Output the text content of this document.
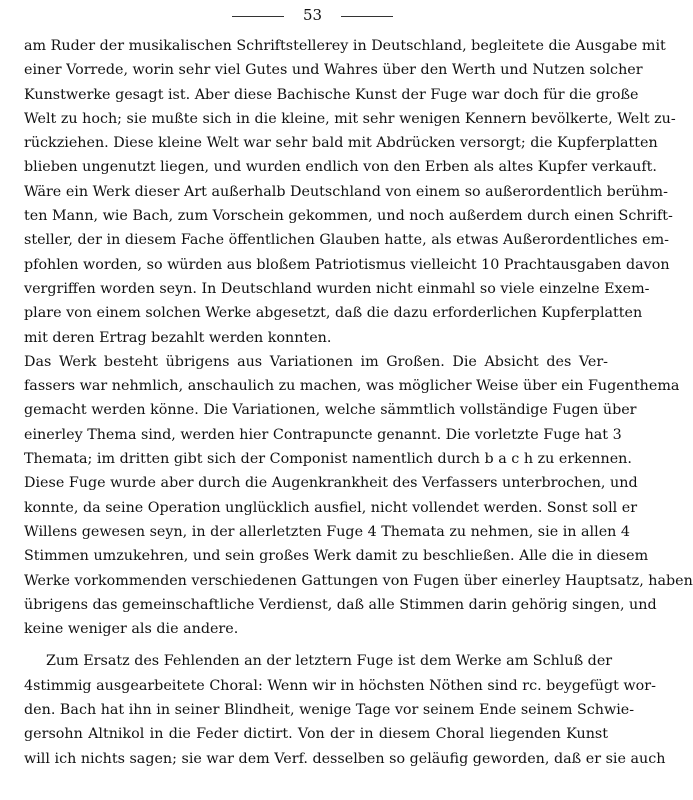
53
am Ruder der musikalischen Schriftstellerey in Deutschland, begleitete die Ausgabe mit
einer Vorrede, worin sehr viel Gutes und Wahres über den Werth und Nutzen solcher
Kunstwerke gesagt ist. Aber diese Bachische Kunst der Fuge war doch für die große
Welt zu hoch; sie mußte sich in die kleine, mit sehr wenigen Kennern bevölkerte, Welt zu-
rückziehen. Diese kleine Welt war sehr bald mit Abdrücken versorgt; die Kupferplatten
blieben ungenutzt liegen, und wurden endlich von den Erben als altes Kupfer verkauft.
Wäre ein Werk dieser Art außerhalb Deutschland von einem so außerordentlich berühm-
ten Mann, wie Bach, zum Vorschein gekommen, und noch außerdem durch einen Schrift-
steller, der in diesem Fache öffentlichen Glauben hatte, als etwas Außerordentliches em-
pfohlen worden, so würden aus bloßem Patriotismus vielleicht 10 Prachtausgaben davon
vergriffen worden seyn. In Deutschland wurden nicht einmahl so viele einzelne Exem-
plare von einem solchen Werke abgesetzt, daß die dazu erforderlichen Kupferplatten
mit deren Ertrag bezahlt werden konnten.
Das Werk besteht übrigens aus Variationen im Großen. Die Absicht des Ver-
fassers war nehmlich, anschaulich zu machen, was möglicher Weise über ein Fugenthema
gemacht werden könne. Die Variationen, welche sämmtlich vollständige Fugen über
einerley Thema sind, werden hier Contrapuncte genannt. Die vorletzte Fuge hat 3
Themata; im dritten gibt sich der Componist namentlich durch b a c h zu erkennen.
Diese Fuge wurde aber durch die Augenkrankheit des Verfassers unterbrochen, und
konnte, da seine Operation unglücklich ausfiel, nicht vollendet werden. Sonst soll er
Willens gewesen seyn, in der allerletzten Fuge 4 Themata zu nehmen, sie in allen 4
Stimmen umzukehren, und sein großes Werk damit zu beschließen. Alle die in diesem
Werke vorkommenden verschiedenen Gattungen von Fugen über einerley Hauptsatz, haben
übrigens das gemeinschaftliche Verdienst, daß alle Stimmen darin gehörig singen, und
keine weniger als die andere.
Zum Ersatz des Fehlenden an der letztern Fuge ist dem Werke am Schluß der
4stimmig ausgearbeitete Choral: Wenn wir in höchsten Nöthen sind rc. beygefügt wor-
den. Bach hat ihn in seiner Blindheit, wenige Tage vor seinem Ende seinem Schwie-
gersohn Altnikol in die Feder dictirt. Von der in diesem Choral liegenden Kunst
will ich nichts sagen; sie war dem Verf. desselben so geläufig geworden, daß er sie auch
